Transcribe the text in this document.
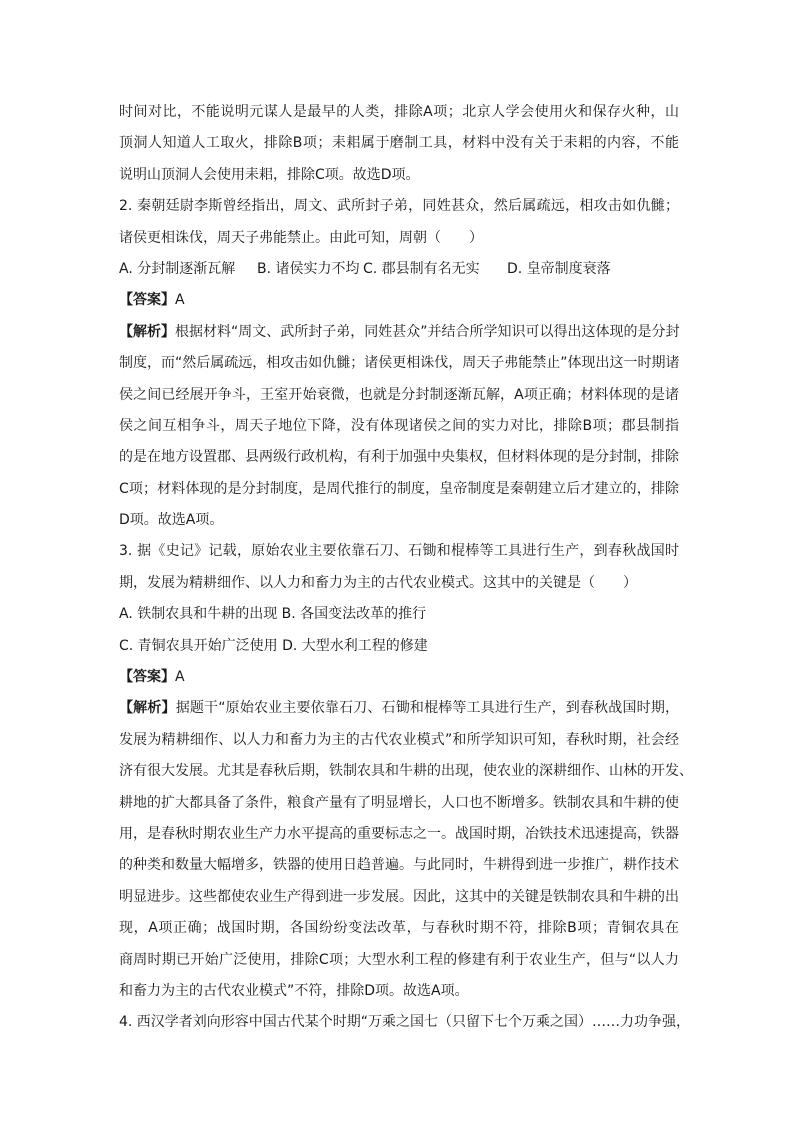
时间对比，不能说明元谋人是最早的人类，排除A项；北京人学会使用火和保存火种，山
顶洞人知道人工取火，排除B项；耒耜属于磨制工具，材料中没有关于耒耜的内容，不能
说明山顶洞人会使用耒耜，排除C项。故选D项。
2. 秦朝廷尉李斯曾经指出，周文、武所封子弟，同姓甚众，然后属疏远，相攻击如仇雠；
诸侯更相诛伐，周天子弗能禁止。由此可知，周朝（　　）
A. 分封制逐渐瓦解	B. 诸侯实力不均 C. 郡县制有名无实	D. 皇帝制度衰落
【答案】A
【解析】根据材料“周文、武所封子弟，同姓甚众”并结合所学知识可以得出这体现的是分封
制度，而“然后属疏远，相攻击如仇雠；诸侯更相诛伐，周天子弗能禁止”体现出这一时期诸
侯之间已经展开争斗，王室开始衰微，也就是分封制逐渐瓦解，A项正确；材料体现的是诸
侯之间互相争斗，周天子地位下降，没有体现诸侯之间的实力对比，排除B项；郡县制指
的是在地方设置郡、县两级行政机构，有利于加强中央集权，但材料体现的是分封制，排除
C项；材料体现的是分封制度，是周代推行的制度，皇帝制度是秦朝建立后才建立的，排除
D项。故选A项。
3. 据《史记》记载，原始农业主要依靠石刀、石锄和棍棒等工具进行生产，到春秋战国时
期，发展为精耕细作、以人力和畜力为主的古代农业模式。这其中的关键是（　　）
A. 铁制农具和牛耕的出现 B. 各国变法改革的推行
C. 青铜农具开始广泛使用 D. 大型水利工程的修建
【答案】A
【解析】据题干“原始农业主要依靠石刀、石锄和棍棒等工具进行生产，到春秋战国时期，
发展为精耕细作、以人力和畜力为主的古代农业模式”和所学知识可知，春秋时期，社会经
济有很大发展。尤其是春秋后期，铁制农具和牛耕的出现，使农业的深耕细作、山林的开发、
耕地的扩大都具备了条件，粮食产量有了明显增长，人口也不断增多。铁制农具和牛耕的使
用，是春秋时期农业生产力水平提高的重要标志之一。战国时期，冶铁技术迅速提高，铁器
的种类和数量大幅增多，铁器的使用日趋普遍。与此同时，牛耕得到进一步推广，耕作技术
明显进步。这些都使农业生产得到进一步发展。因此，这其中的关键是铁制农具和牛耕的出
现，A项正确；战国时期，各国纷纷变法改革，与春秋时期不符，排除B项；青铜农具在
商周时期已开始广泛使用，排除C项；大型水利工程的修建有利于农业生产，但与“以人力
和畜力为主的古代农业模式”不符，排除D项。故选A项。
4. 西汉学者刘向形容中国古代某个时期“万乘之国七（只留下七个万乘之国）……力功争强，
